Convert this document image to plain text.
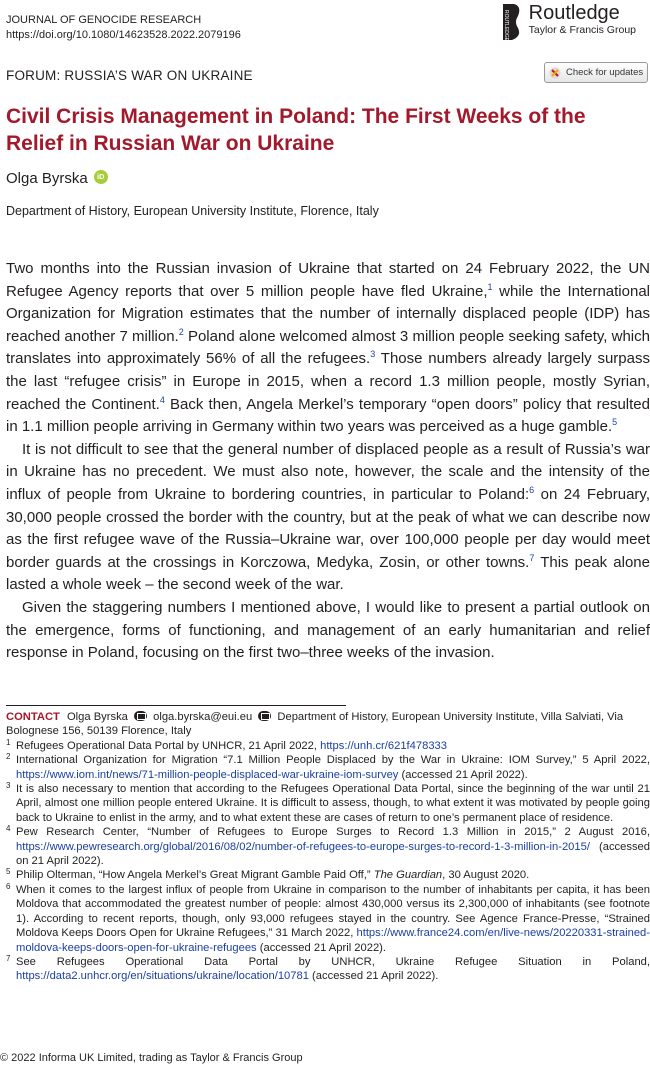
JOURNAL OF GENOCIDE RESEARCH
https://doi.org/10.1080/14623528.2022.2079196	ROUTLEDGE Routledge
Taylor & Francis Group
FORUM: RUSSIA’S WAR ON UKRAINE	Check for updates
Civil Crisis Management in Poland: The First Weeks of the Relief in Russian War on Ukraine
Olga Byrska	iD
Department of History, European University Institute, Florence, Italy

Two months into the Russian invasion of Ukraine that started on 24 February 2022, the UN Refugee Agency reports that over 5 million people have fled Ukraine,$^1$ while the International Organization for Migration estimates that the number of internally displaced people (IDP) has reached another 7 million.$^2$ Poland alone welcomed almost 3 million people seeking safety, which translates into approximately 56% of all the refugees.$^3$ Those numbers already largely surpass the last “refugee crisis” in Europe in 2015, when a record 1.3 million people, mostly Syrian, reached the Continent.$^4$ Back then, Angela Merkel’s temporary “open doors” policy that resulted in 1.1 million people arriving in Germany within two years was perceived as a huge gamble.$^5$

It is not difficult to see that the general number of displaced people as a result of Russia’s war in Ukraine has no precedent. We must also note, however, the scale and the intensity of the influx of people from Ukraine to bordering countries, in particular to Poland:$^6$ on 24 February, 30,000 people crossed the border with the country, but at the peak of what we can describe now as the first refugee wave of the Russia–Ukraine war, over 100,000 people per day would meet border guards at the crossings in Korczowa, Medyka, Zosin, or other towns.$^7$ This peak alone lasted a whole week – the second week of the war.

Given the staggering numbers I mentioned above, I would like to present a partial outlook on the emergence, forms of functioning, and management of an early humanitarian and relief response in Poland, focusing on the first two–three weeks of the invasion.

CONTACT Olga Byrska olga.byrska@eui.eu Department of History, European University Institute, Villa Salviati, Via Bolognese 156, 50139 Florence, Italy
1 Refugees Operational Data Portal by UNHCR, 21 April 2022, https://unh.cr/621f478333
2 International Organization for Migration “7.1 Million People Displaced by the War in Ukraine: IOM Survey,” 5 April 2022, https://www.iom.int/news/71-million-people-displaced-war-ukraine-iom-survey (accessed 21 April 2022).
3 It is also necessary to mention that according to the Refugees Operational Data Portal, since the beginning of the war until 21 April, almost one million people entered Ukraine. It is difficult to assess, though, to what extent it was motivated by people going back to Ukraine to enlist in the army, and to what extent these are cases of return to one’s permanent place of residence.
4 Pew Research Center, “Number of Refugees to Europe Surges to Record 1.3 Million in 2015,” 2 August 2016, https://www.pewresearch.org/global/2016/08/02/number-of-refugees-to-europe-surges-to-record-1-3-million-in-2015/ (accessed on 21 April 2022).
5 Philip Olterman, “How Angela Merkel’s Great Migrant Gamble Paid Off,” The Guardian, 30 August 2020.
6 When it comes to the largest influx of people from Ukraine in comparison to the number of inhabitants per capita, it has been Moldova that accommodated the greatest number of people: almost 430,000 versus its 2,300,000 of inhabitants (see footnote 1). According to recent reports, though, only 93,000 refugees stayed in the country. See Agence France-Presse, “Strained Moldova Keeps Doors Open for Ukraine Refugees,” 31 March 2022, https://www.france24.com/en/live-news/20220331-strained-moldova-keeps-doors-open-for-ukraine-refugees (accessed 21 April 2022).
7 See Refugees Operational Data Portal by UNHCR, Ukraine Refugee Situation in Poland, https://data2.unhcr.org/en/situations/ukraine/location/10781 (accessed 21 April 2022).
© 2022 Informa UK Limited, trading as Taylor & Francis Group
